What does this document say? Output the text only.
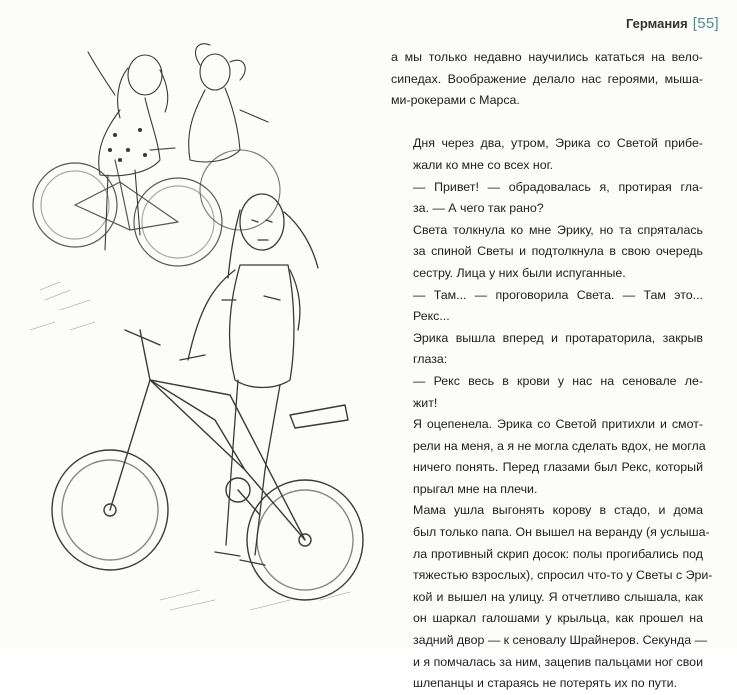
Германия [55]

а мы только недавно научились кататься на вело-
сипедах. Воображение делало нас героями, мыша-
ми-рокерами с Марса.

Дня через два, утром, Эрика со Светой прибе-
жали ко мне со всех ног.

— Привет! — обрадовалась я, протирая гла-
за. — А чего так рано?

Света толкнула ко мне Эрику, но та спряталась
за спиной Светы и подтолкнула в свою очередь
сестру. Лица у них были испуганные.

— Там... — проговорила Света. — Там это...
Рекс...

Эрика вышла вперед и протараторила, закрыв
глаза:

— Рекс весь в крови у нас на сеновале ле-
жит!

Я оцепенела. Эрика со Светой притихли и смот-
рели на меня, а я не могла сделать вдох, не могла
ничего понять. Перед глазами был Рекс, который
прыгал мне на плечи.

Мама ушла выгонять корову в стадо, и дома
был только папа. Он вышел на веранду (я услыша-
ла противный скрип досок: полы прогибались под
тяжестью взрослых), спросил что-то у Светы с Эри-
кой и вышел на улицу. Я отчетливо слышала, как
он шаркал галошами у крыльца, как прошел на
задний двор — к сеновалу Шрайнеров. Секунда —
и я помчалась за ним, зацепив пальцами ног свои
шлепанцы и стараясь не потерять их по пути.
